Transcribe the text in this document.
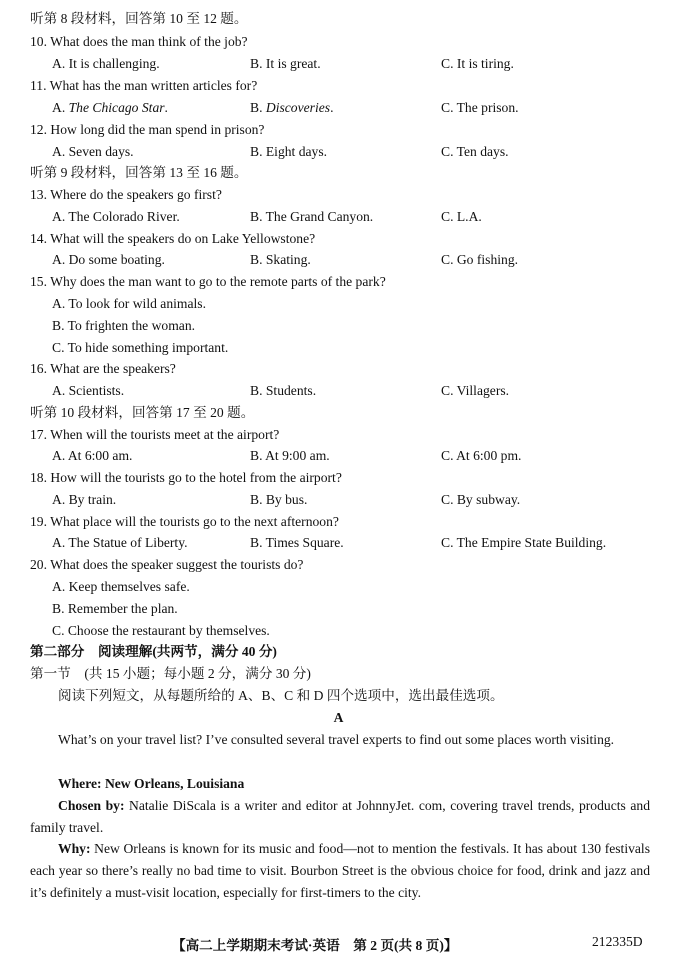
听第 8 段材料，回答第 10 至 12 题。
10. What does the man think of the job?
A. It is challenging.	B. It is great.	C. It is tiring.
11. What has the man written articles for?
A. The Chicago Star.	B. Discoveries.	C. The prison.
12. How long did the man spend in prison?
A. Seven days.	B. Eight days.	C. Ten days.
听第 9 段材料，回答第 13 至 16 题。
13. Where do the speakers go first?
A. The Colorado River.	B. The Grand Canyon.	C. L.A.
14. What will the speakers do on Lake Yellowstone?
A. Do some boating.	B. Skating.	C. Go fishing.
15. Why does the man want to go to the remote parts of the park?
A. To look for wild animals.
B. To frighten the woman.
C. To hide something important.
16. What are the speakers?
A. Scientists.	B. Students.	C. Villagers.
听第 10 段材料，回答第 17 至 20 题。
17. When will the tourists meet at the airport?
A. At 6:00 am.	B. At 9:00 am.	C. At 6:00 pm.
18. How will the tourists go to the hotel from the airport?
A. By train.	B. By bus.	C. By subway.
19. What place will the tourists go to the next afternoon?
A. The Statue of Liberty.	B. Times Square.	C. The Empire State Building.
20. What does the speaker suggest the tourists do?
A. Keep themselves safe.
B. Remember the plan.
C. Choose the restaurant by themselves.
第二部分　阅读理解(共两节，满分 40 分)
第一节　(共 15 小题；每小题 2 分，满分 30 分)
阅读下列短文，从每题所给的 A、B、C 和 D 四个选项中，选出最佳选项。
A
What’s on your travel list? I’ve consulted several travel experts to find out some places worth visiting.
Where: New Orleans, Louisiana
Chosen by: Natalie DiScala is a writer and editor at JohnnyJet. com, covering travel trends, products and family travel.
Why: New Orleans is known for its music and food—not to mention the festivals. It has about 130 festivals each year so there’s really no bad time to visit. Bourbon Street is the obvious choice for food, drink and jazz and it’s definitely a must-visit location, especially for first-timers to the city.
【高二上学期期末考试·英语　第 2 页(共 8 页)】	212335D
